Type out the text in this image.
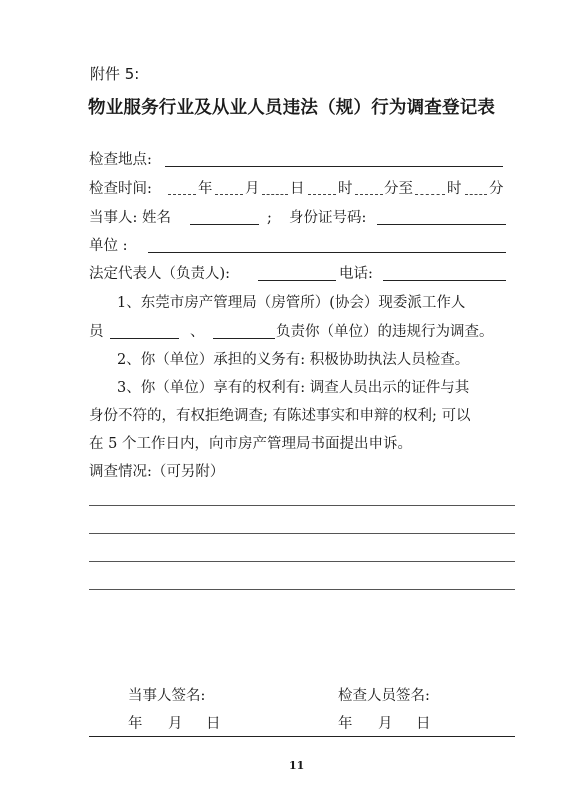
附件 5:
物业服务行业及从业人员违法（规）行为调查登记表
检查地点:
检查时间:	年 月 日 时 分至 时 分
当事人: 姓名	; 身份证号码:
单位 :
法定代表人（负责人):	电话:
1、东莞市房产管理局（房管所）(协会）现委派工作人
员	、	负责你（单位）的违规行为调查。
2、你（单位）承担的义务有: 积极协助执法人员检查。
3、你（单位）享有的权利有: 调查人员出示的证件与其
身份不符的，有权拒绝调查; 有陈述事实和申辩的权利; 可以
在 5 个工作日内，向市房产管理局书面提出申诉。
调查情况:（可另附）
当事人签名:	检查人员签名:
年 月 日	年 月 日
11
